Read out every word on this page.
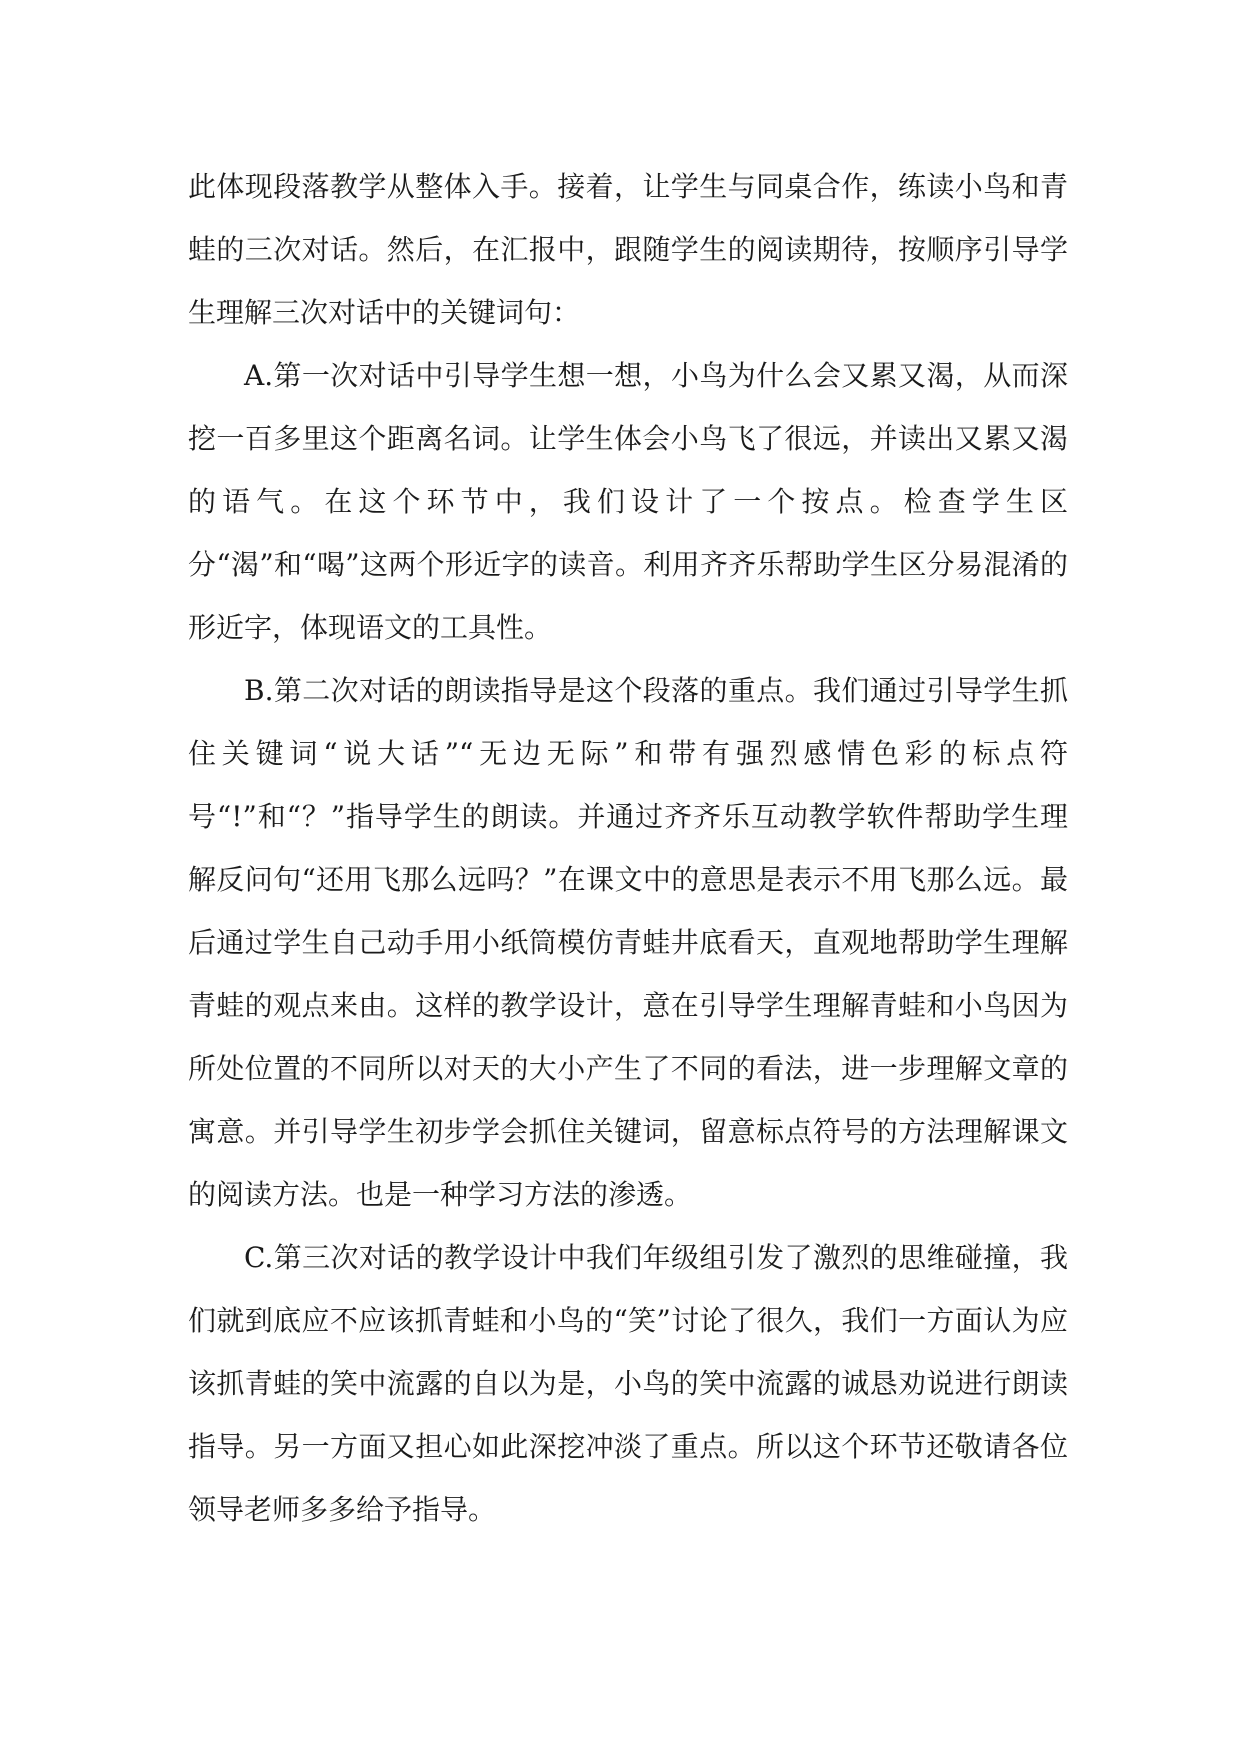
此体现段落教学从整体入手。接着，让学生与同桌合作，练读小鸟和青蛙的三次对话。然后，在汇报中，跟随学生的阅读期待，按顺序引导学生理解三次对话中的关键词句：

A.第一次对话中引导学生想一想，小鸟为什么会又累又渴，从而深挖一百多里这个距离名词。让学生体会小鸟飞了很远，并读出又累又渴的语气。在这个环节中，我们设计了一个按点。检查学生区分“渴”和“喝”这两个形近字的读音。利用齐齐乐帮助学生区分易混淆的形近字，体现语文的工具性。

B.第二次对话的朗读指导是这个段落的重点。我们通过引导学生抓住关键词“说大话”“无边无际”和带有强烈感情色彩的标点符号“!”和“？”指导学生的朗读。并通过齐齐乐互动教学软件帮助学生理解反问句“还用飞那么远吗？”在课文中的意思是表示不用飞那么远。最后通过学生自己动手用小纸筒模仿青蛙井底看天，直观地帮助学生理解青蛙的观点来由。这样的教学设计，意在引导学生理解青蛙和小鸟因为所处位置的不同所以对天的大小产生了不同的看法，进一步理解文章的寓意。并引导学生初步学会抓住关键词，留意标点符号的方法理解课文的阅读方法。也是一种学习方法的渗透。

C.第三次对话的教学设计中我们年级组引发了激烈的思维碰撞，我们就到底应不应该抓青蛙和小鸟的“笑”讨论了很久，我们一方面认为应该抓青蛙的笑中流露的自以为是，小鸟的笑中流露的诚恳劝说进行朗读指导。另一方面又担心如此深挖冲淡了重点。所以这个环节还敬请各位领导老师多多给予指导。
